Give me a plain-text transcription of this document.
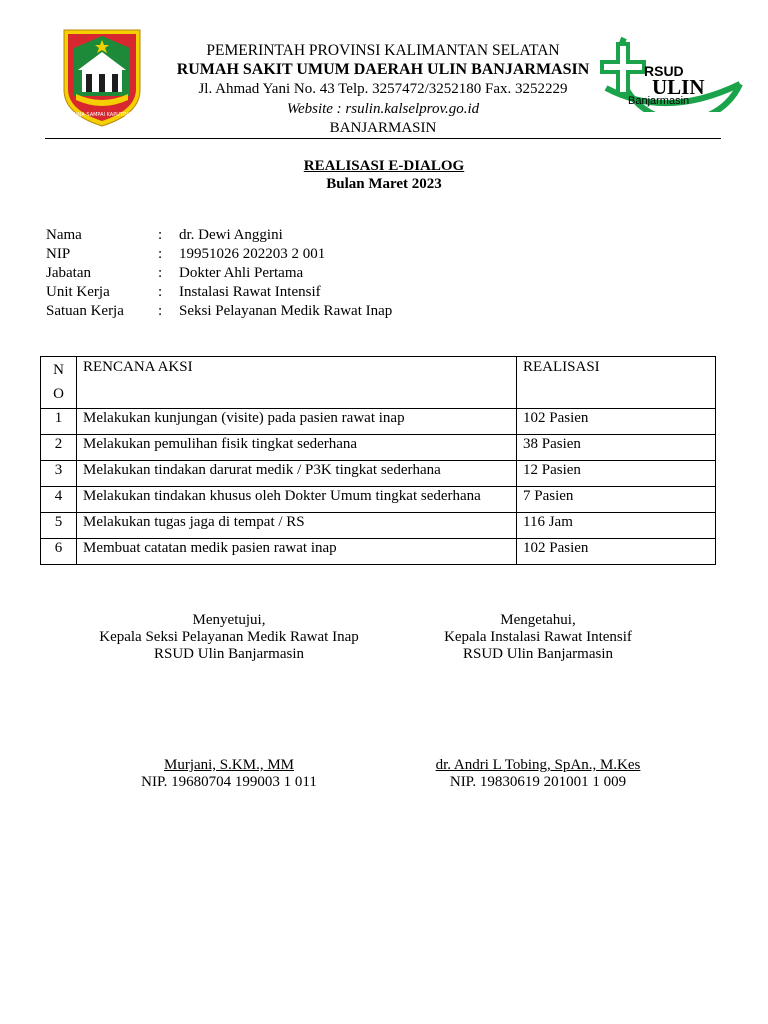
WAJA SAMPAI KAPUTING
PEMERINTAH PROVINSI KALIMANTAN SELATAN
RUMAH SAKIT UMUM DAERAH ULIN BANJARMASIN
Jl. Ahmad Yani No. 43 Telp. 3257472/3252180 Fax. 3252229
Website : rsulin.kalselprov.go.id
BANJARMASIN
RSUD
ULIN
Banjarmasin
REALISASI E-DIALOG
Bulan Maret 2023
Nama	: dr. Dewi Anggini
NIP	: 19951026 202203 2 001
Jabatan	: Dokter Ahli Pertama
Unit Kerja	: Instalasi Rawat Intensif
Satuan Kerja : Seksi Pelayanan Medik Rawat Inap
N
O	RENCANA AKSI	REALISASI
1	Melakukan kunjungan (visite) pada pasien rawat inap	102 Pasien
2	Melakukan pemulihan fisik tingkat sederhana	38 Pasien
3	Melakukan tindakan darurat medik / P3K tingkat sederhana	12 Pasien
4	Melakukan tindakan khusus oleh Dokter Umum tingkat sederhana	7 Pasien
5	Melakukan tugas jaga di tempat / RS	116 Jam
6	Membuat catatan medik pasien rawat inap	102 Pasien
Menyetujui,
Kepala Seksi Pelayanan Medik Rawat Inap
RSUD Ulin Banjarmasin
Murjani, S.KM., MM
NIP. 19680704 199003 1 011
Mengetahui,
Kepala Instalasi Rawat Intensif
RSUD Ulin Banjarmasin
dr. Andri L Tobing, SpAn., M.Kes
NIP. 19830619 201001 1 009
